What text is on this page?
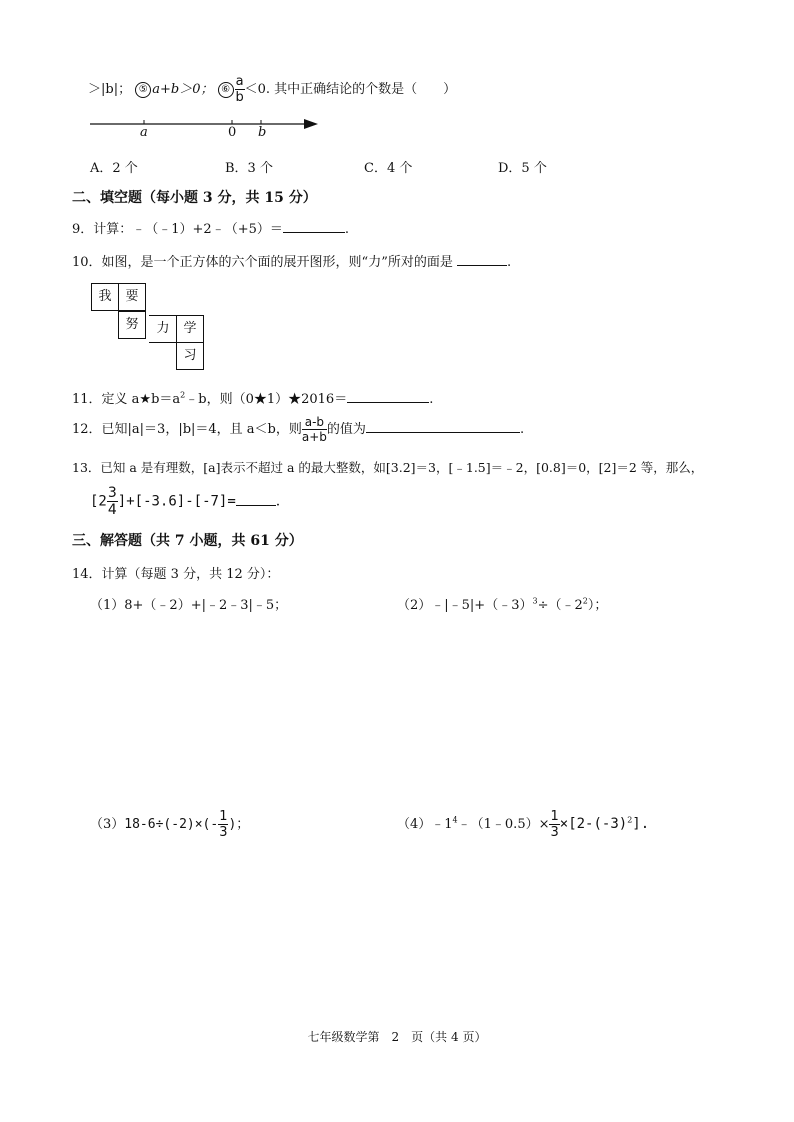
＞|b|； ⑤ a+b＞0； ⑥ $\frac{a}{b} <0$. 其中正确结论的个数是（　　）
a	0 b
A．2 个	B．3 个	C．4 个	D．5 个
二、填空题（每小题 3 分，共 15 分）
9．计算：﹣（﹣1）+2﹣（+5）＝	.
10．如图，是一个正方体的六个面的展开图形，则“力”所对的面是	.
我	要
努	力	学
习
11．定义 $a★b=a^2﹣b$，则（0★1）★2016＝	.
12．已知|a|＝3，|b|＝4，且 a＜b，则 $\frac{a-b}{a+b}$ 的值为	.
13．已知 a 是有理数，[a]表示不超过 a 的最大整数，如[3.2]＝3，[﹣1.5]＝﹣2，[0.8]＝0，[2]＝2 等，那么，
$[2 \frac{3}{4} ]+[-3.6]-[-7]=$	.
三、解答题（共 7 小题，共 61 分）
14．计算（每题 3 分，共 12 分）：
（1）8+（﹣2）+|﹣2﹣3|﹣5；	$(2)﹣|﹣5|+(﹣3)^3\div(﹣2^2)$；
$(3)18-6\div(-2)\times(- \frac{1}{3}$ )；	$(4)﹣1^4﹣(1﹣0.5)\times \frac{1}{3} \times[2-(-3)^2]$.
七年级数学第　2　页（共 4 页）
